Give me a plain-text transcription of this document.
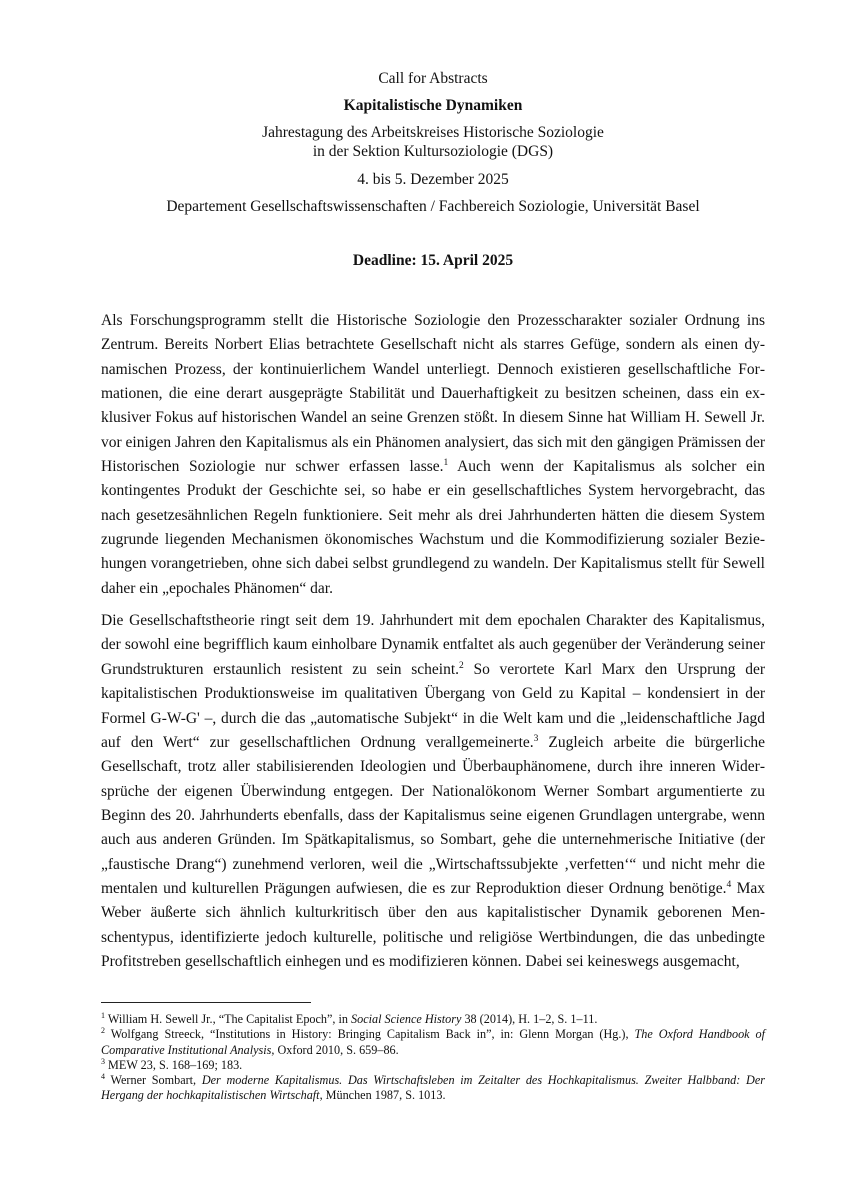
Call for Abstracts
Kapitalistische Dynamiken
Jahrestagung des Arbeitskreises Historische Soziologie
in der Sektion Kultursoziologie (DGS)
4. bis 5. Dezember 2025
Departement Gesellschaftswissenschaften / Fachbereich Soziologie, Universität Basel
Deadline: 15. April 2025

Als Forschungsprogramm stellt die Historische Soziologie den Prozesscharakter sozialer Ordnung ins Zentrum. Bereits Norbert Elias betrachtete Gesellschaft nicht als starres Gefüge, sondern als einen dynamischen Prozess, der kontinuierlichem Wandel unterliegt. Dennoch existieren gesellschaftliche Formationen, die eine derart ausgeprägte Stabilität und Dauerhaftigkeit zu besitzen scheinen, dass ein exklusiver Fokus auf historischen Wandel an seine Grenzen stößt. In diesem Sinne hat William H. Sewell Jr. vor einigen Jahren den Kapitalismus als ein Phänomen analysiert, das sich mit den gängigen Prämissen der Historischen Soziologie nur schwer erfassen lasse.$^1$ Auch wenn der Kapitalismus als solcher ein kontingentes Produkt der Geschichte sei, so habe er ein gesellschaftliches System hervorgebracht, das nach gesetzesähnlichen Regeln funktioniere. Seit mehr als drei Jahrhunderten hätten die diesem System zugrunde liegenden Mechanismen ökonomisches Wachstum und die Kommodifizierung sozialer Beziehungen vorangetrieben, ohne sich dabei selbst grundlegend zu wandeln. Der Kapitalismus stellt für Sewell daher ein „epochales Phänomen“ dar.

Die Gesellschaftstheorie ringt seit dem 19. Jahrhundert mit dem epochalen Charakter des Kapitalismus, der sowohl eine begrifflich kaum einholbare Dynamik entfaltet als auch gegenüber der Veränderung seiner Grundstrukturen erstaunlich resistent zu sein scheint.$^2$ So verortete Karl Marx den Ursprung der kapitalistischen Produktionsweise im qualitativen Übergang von Geld zu Kapital – kondensiert in der Formel G-W-G' –, durch die das „automatische Subjekt“ in die Welt kam und die „leidenschaftliche Jagd auf den Wert“ zur gesellschaftlichen Ordnung verallgemeinerte.$^3$ Zugleich arbeite die bürgerliche Gesellschaft, trotz aller stabilisierenden Ideologien und Überbauphänomene, durch ihre inneren Widersprüche der eigenen Überwindung entgegen. Der Nationalökonom Werner Sombart argumentierte zu Beginn des 20. Jahrhunderts ebenfalls, dass der Kapitalismus seine eigenen Grundlagen untergrabe, wenn auch aus anderen Gründen. Im Spätkapitalismus, so Sombart, gehe die unternehmerische Initiative (der „faustische Drang“) zunehmend verloren, weil die „Wirtschaftssubjekte ‚verfetten‘“ und nicht mehr die mentalen und kulturellen Prägungen aufwiesen, die es zur Reproduktion dieser Ordnung benötige.$^4$ Max Weber äußerte sich ähnlich kulturkritisch über den aus kapitalistischer Dynamik geborenen Menschentypus, identifizierte jedoch kulturelle, politische und religiöse Wertbindungen, die das unbedingte Profitstreben gesellschaftlich einhegen und es modifizieren können. Dabei sei keineswegs ausgemacht,

$^1$ William H. Sewell Jr., “The Capitalist Epoch”, in Social Science History 38 (2014), H. 1–2, S. 1–11.

$^2$ Wolfgang Streeck, “Institutions in History: Bringing Capitalism Back in”, in: Glenn Morgan (Hg.), The Oxford Handbook of Comparative Institutional Analysis, Oxford 2010, S. 659–86.

$^3$ MEW 23, S. 168–169; 183.

$^4$ Werner Sombart, Der moderne Kapitalismus. Das Wirtschaftsleben im Zeitalter des Hochkapitalismus. Zweiter Halbband: Der Hergang der hochkapitalistischen Wirtschaft, München 1987, S. 1013.
